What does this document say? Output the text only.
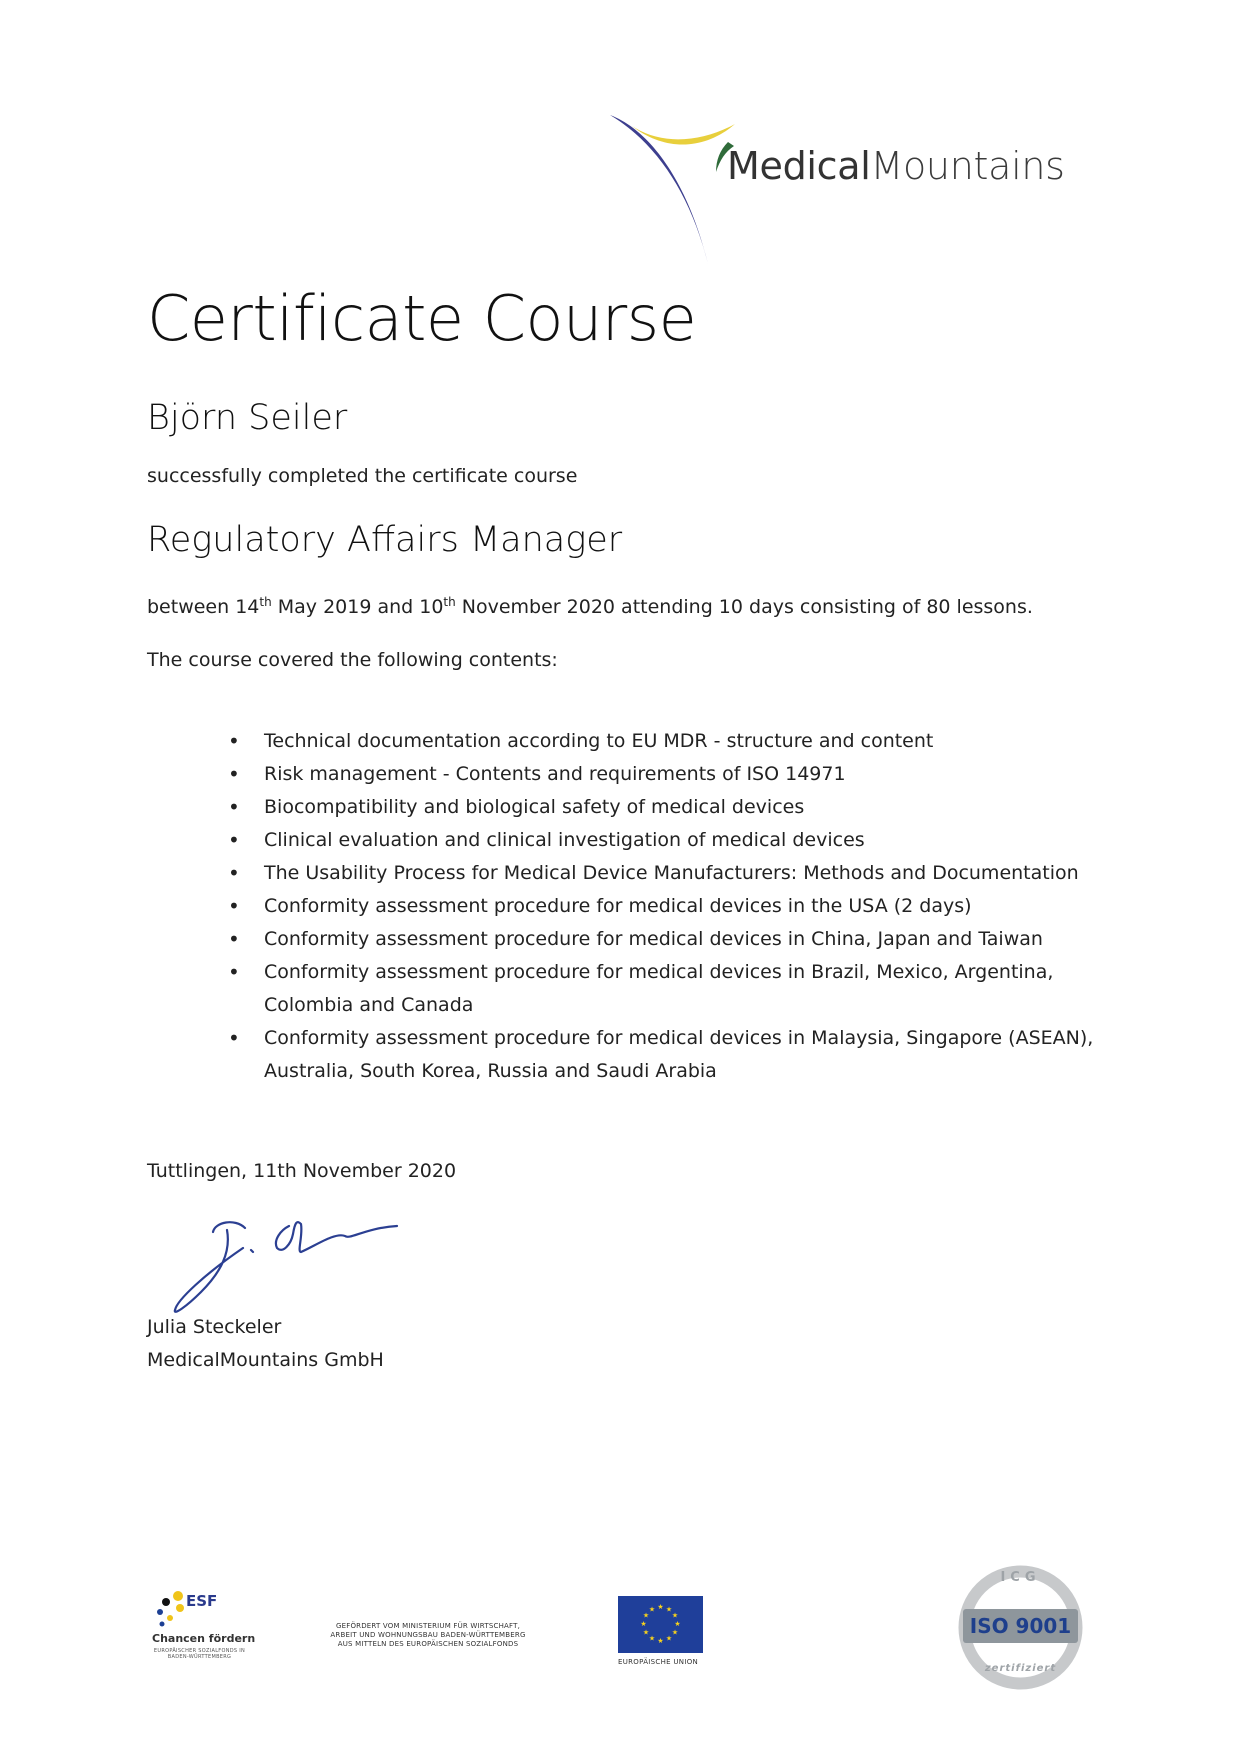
MedicalMountains
Certificate Course
Björn Seiler
successfully completed the certificate course
Regulatory Affairs Manager
between 14th May 2019 and 10th November 2020 attending 10 days consisting of 80 lessons.
The course covered the following contents:
• Technical documentation according to EU MDR - structure and content
• Risk management - Contents and requirements of ISO 14971
• Biocompatibility and biological safety of medical devices
• Clinical evaluation and clinical investigation of medical devices
• The Usability Process for Medical Device Manufacturers: Methods and Documentation
• Conformity assessment procedure for medical devices in the USA (2 days)
• Conformity assessment procedure for medical devices in China, Japan and Taiwan
• Conformity assessment procedure for medical devices in Brazil, Mexico, Argentina, Colombia and Canada
• Conformity assessment procedure for medical devices in Malaysia, Singapore (ASEAN), Australia, South Korea, Russia and Saudi Arabia
Tuttlingen, 11th November 2020
Julia Steckeler
MedicalMountains GmbH
ESF
Chancen fördern
EUROPÄISCHER SOZIALFONDS IN BADEN-WÜRTTEMBERG
GEFÖRDERT VOM MINISTERIUM FÜR WIRTSCHAFT,
ARBEIT UND WOHNUNGSBAU BADEN-WÜRTTEMBERG
AUS MITTELN DES EUROPÄISCHEN SOZIALFONDS
★ ★
★
★
★
★
★
★
★
★
★
★
EUROPÄISCHE UNION
ICG
ISO 9001
zertifiziert
